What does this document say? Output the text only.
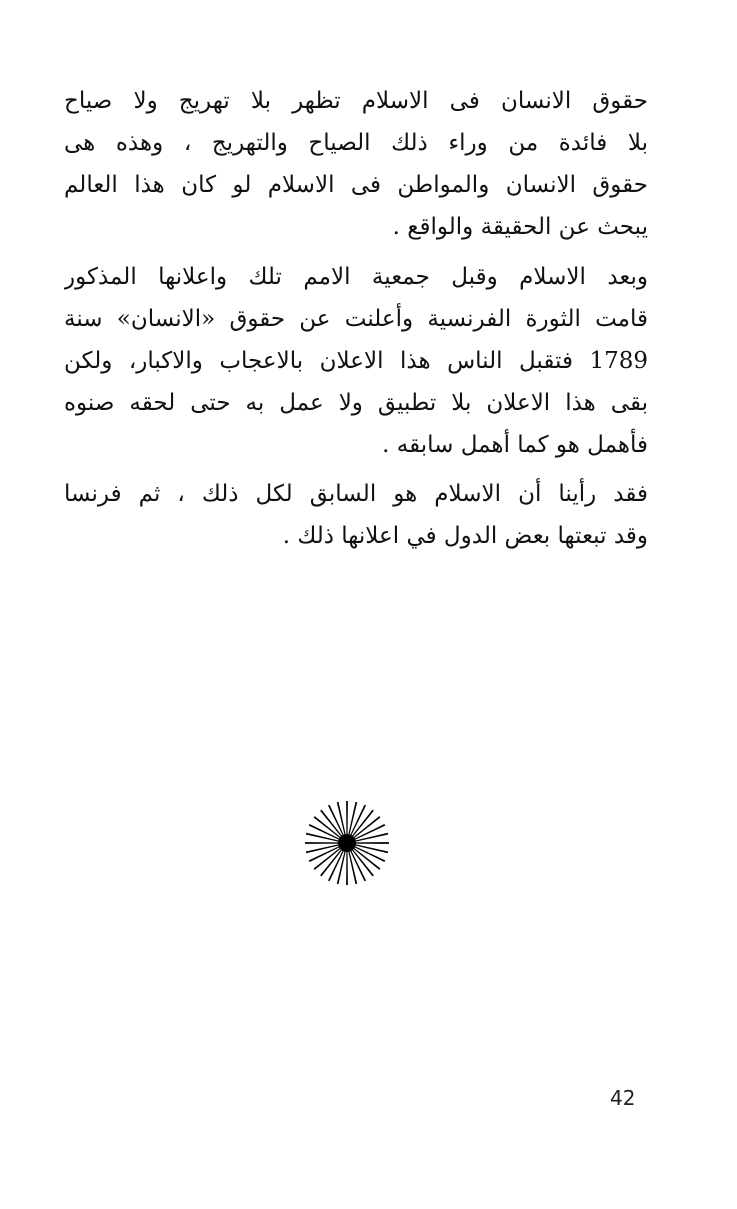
حقوق الانسان فى الاسلام تظهر بلا تهريج ولا صياح
بلا فائدة من وراء ذلك الصياح والتهريج ، وهذه هى
حقوق الانسان والمواطن فى الاسلام لو كان هذا العالم
يبحث عن الحقيقة والواقع .
وبعد الاسلام وقبل جمعية الامم تلك واعلانها المذكور
قامت الثورة الفرنسية وأعلنت عن حقوق «الانسان» سنة
1789 فتقبل الناس هذا الاعلان بالاعجاب والاكبار، ولكن
بقى هذا الاعلان بلا تطبيق ولا عمل به حتى لحقه صنوه
فأهمل هو كما أهمل سابقه .
فقد رأينا أن الاسلام هو السابق لكل ذلك ، ثم فرنسا
وقد تبعتها بعض الدول في اعلانها ذلك .
42
